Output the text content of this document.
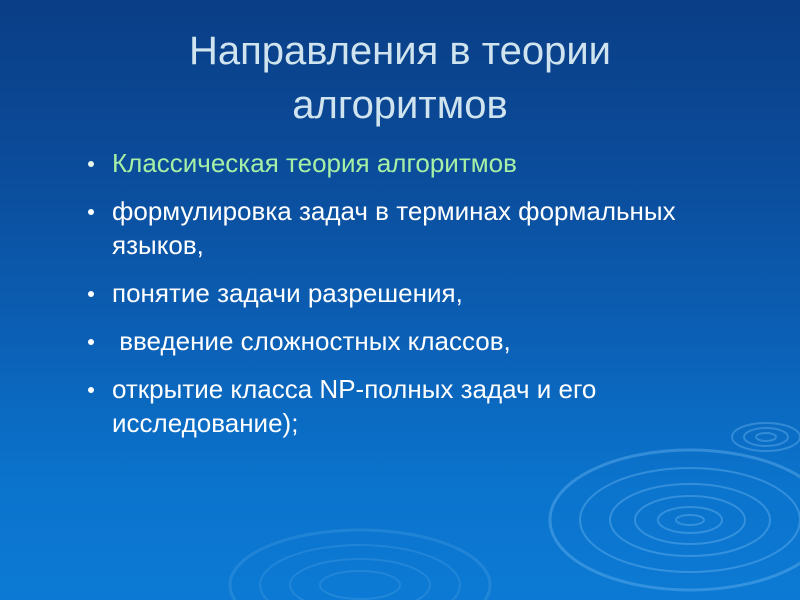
Направления в теории алгоритмов
Классическая теория алгоритмов
формулировка задач в терминах формальных языков,
понятие задачи разрешения,
введение сложностных классов,
открытие класса NP-полных задач и его исследование);
